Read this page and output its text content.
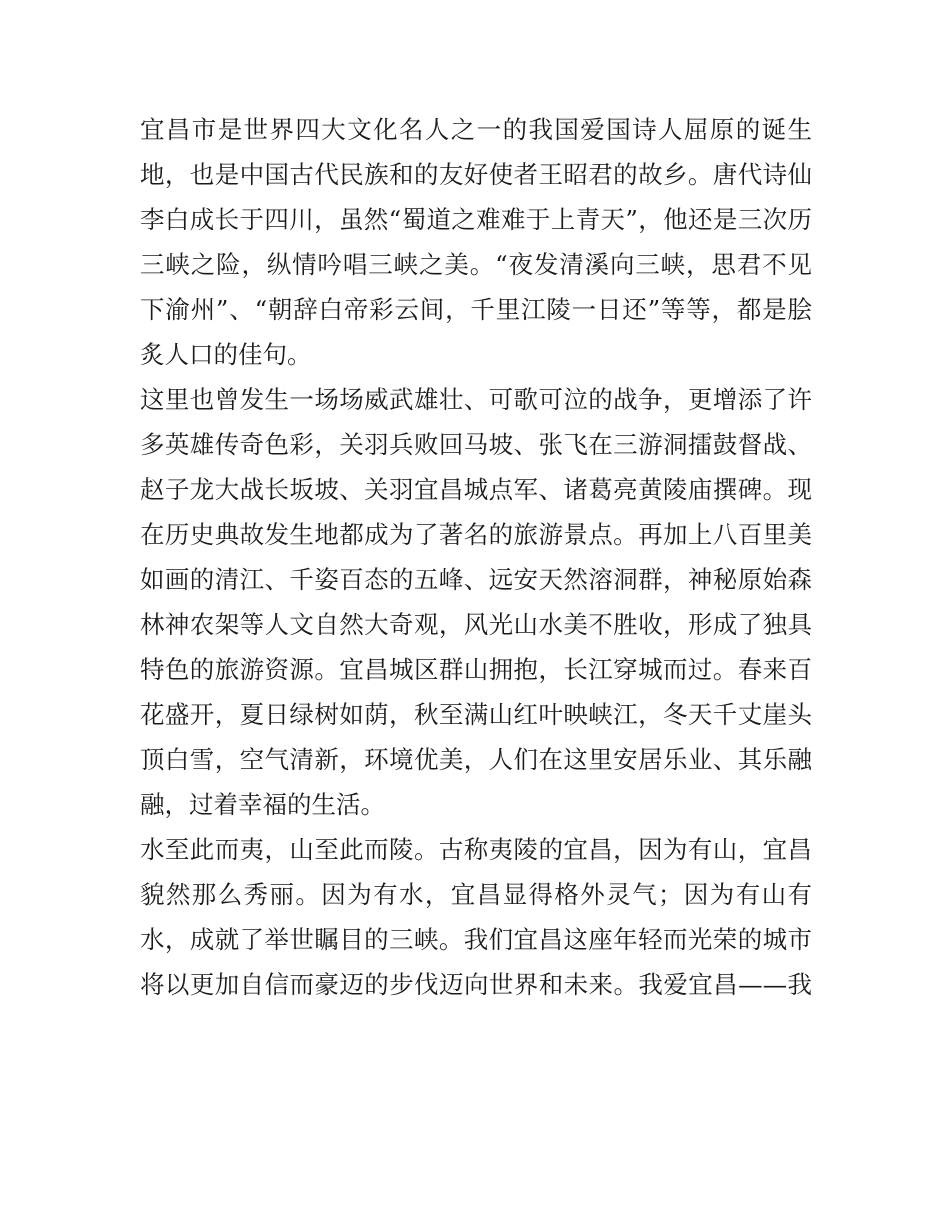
宜昌市是世界四大文化名人之一的我国爱国诗人屈原的诞生
地，也是中国古代民族和的友好使者王昭君的故乡。唐代诗仙
李白成长于四川，虽然“蜀道之难难于上青天”，他还是三次历
三峡之险，纵情吟唱三峡之美。“夜发清溪向三峡，思君不见
下渝州”、“朝辞白帝彩云间，千里江陵一日还”等等，都是脍
炙人口的佳句。
这里也曾发生一场场威武雄壮、可歌可泣的战争，更增添了许
多英雄传奇色彩，关羽兵败回马坡、张飞在三游洞擂鼓督战、
赵子龙大战长坂坡、关羽宜昌城点军、诸葛亮黄陵庙撰碑。现
在历史典故发生地都成为了著名的旅游景点。再加上八百里美
如画的清江、千姿百态的五峰、远安天然溶洞群，神秘原始森
林神农架等人文自然大奇观，风光山水美不胜收，形成了独具
特色的旅游资源。宜昌城区群山拥抱，长江穿城而过。春来百
花盛开，夏日绿树如荫，秋至满山红叶映峡江，冬天千丈崖头
顶白雪，空气清新，环境优美，人们在这里安居乐业、其乐融
融，过着幸福的生活。
水至此而夷，山至此而陵。古称夷陵的宜昌，因为有山，宜昌
貌然那么秀丽。因为有水，宜昌显得格外灵气；因为有山有
水，成就了举世瞩目的三峡。我们宜昌这座年轻而光荣的城市
将以更加自信而豪迈的步伐迈向世界和未来。我爱宜昌——我
